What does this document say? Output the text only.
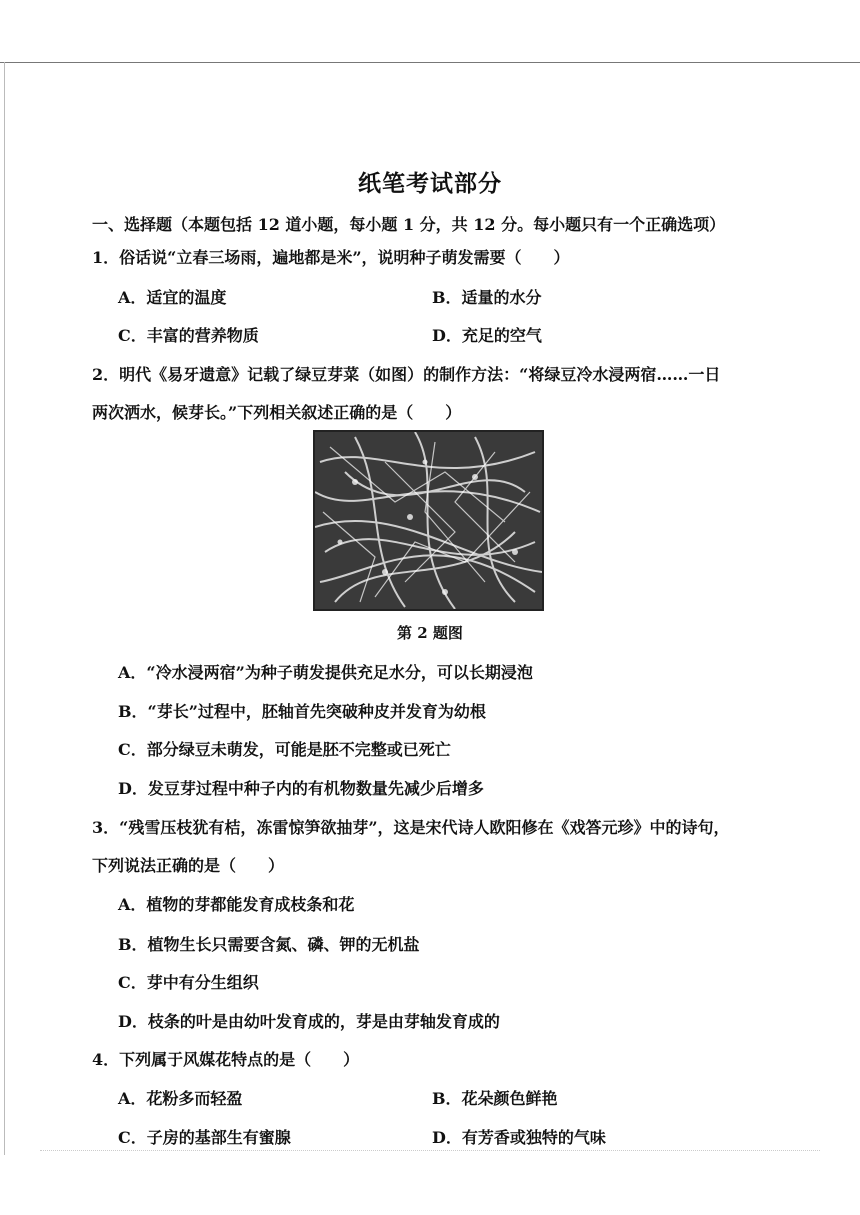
纸笔考试部分
一、选择题（本题包括 12 道小题，每小题 1 分，共 12 分。每小题只有一个正确选项）
1．俗话说“立春三场雨，遍地都是米”，说明种子萌发需要（　　）
A．适宜的温度	B．适量的水分
C．丰富的营养物质	D．充足的空气
2．明代《易牙遗意》记载了绿豆芽菜（如图）的制作方法：“将绿豆冷水浸两宿……一日
两次洒水，候芽长。”下列相关叙述正确的是（　　）
第 2 题图
A．“冷水浸两宿”为种子萌发提供充足水分，可以长期浸泡
B．“芽长”过程中，胚轴首先突破种皮并发育为幼根
C．部分绿豆未萌发，可能是胚不完整或已死亡
D．发豆芽过程中种子内的有机物数量先减少后增多
3．“残雪压枝犹有桔，冻雷惊笋欲抽芽”，这是宋代诗人欧阳修在《戏答元珍》中的诗句，
下列说法正确的是（　　）
A．植物的芽都能发育成枝条和花
B．植物生长只需要含氮、磷、钾的无机盐
C．芽中有分生组织
D．枝条的叶是由幼叶发育成的，芽是由芽轴发育成的
4．下列属于风媒花特点的是（　　）
A．花粉多而轻盈	B．花朵颜色鲜艳
C．子房的基部生有蜜腺	D．有芳香或独特的气味
